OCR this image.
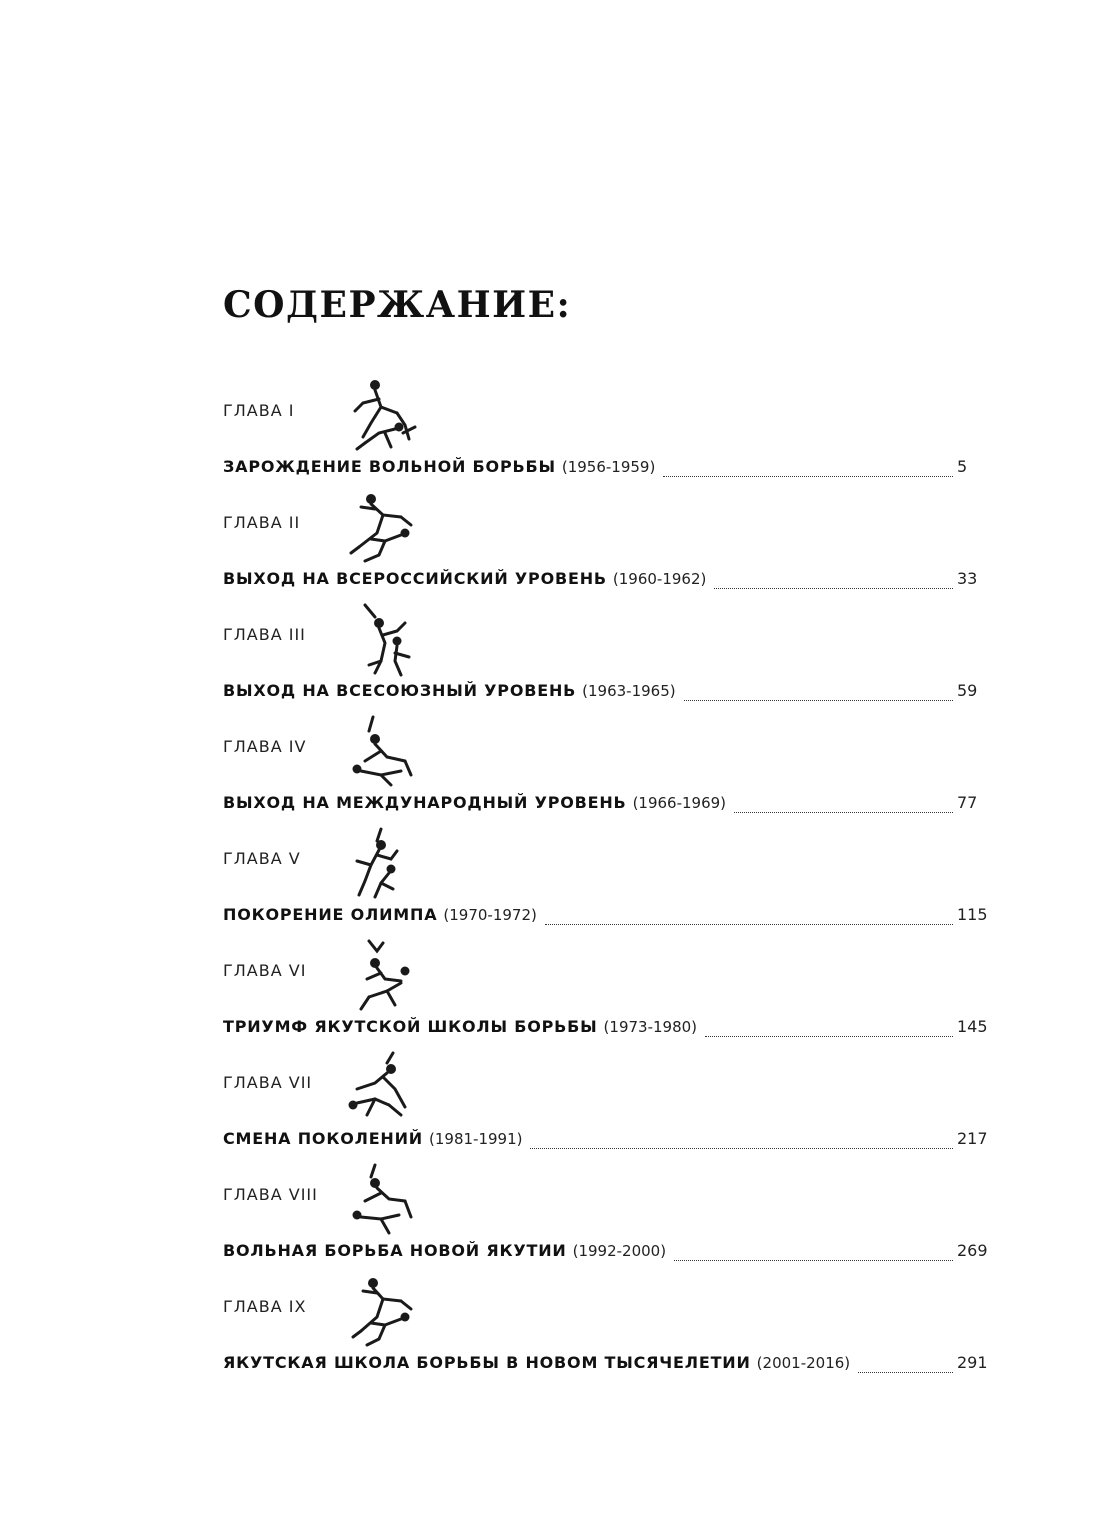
СОДЕРЖАНИЕ:
ГЛАВА I
ЗАРОЖДЕНИЕ ВОЛЬНОЙ БОРЬБЫ (1956-1959)	5
ГЛАВА II
ВЫХОД НА ВСЕРОССИЙСКИЙ УРОВЕНЬ (1960-1962)	33
ГЛАВА III
ВЫХОД НА ВСЕСОЮЗНЫЙ УРОВЕНЬ (1963-1965)	59
ГЛАВА IV
ВЫХОД НА МЕЖДУНАРОДНЫЙ УРОВЕНЬ (1966-1969)	77
ГЛАВА V
ПОКОРЕНИЕ ОЛИМПА (1970-1972)	115
ГЛАВА VI
ТРИУМФ ЯКУТСКОЙ ШКОЛЫ БОРЬБЫ (1973-1980)	145
ГЛАВА VII
СМЕНА ПОКОЛЕНИЙ (1981-1991)	217
ГЛАВА VIII
ВОЛЬНАЯ БОРЬБА НОВОЙ ЯКУТИИ (1992-2000)	269
ГЛАВА IX
ЯКУТСКАЯ ШКОЛА БОРЬБЫ В НОВОМ ТЫСЯЧЕЛЕТИИ (2001-2016)	291
